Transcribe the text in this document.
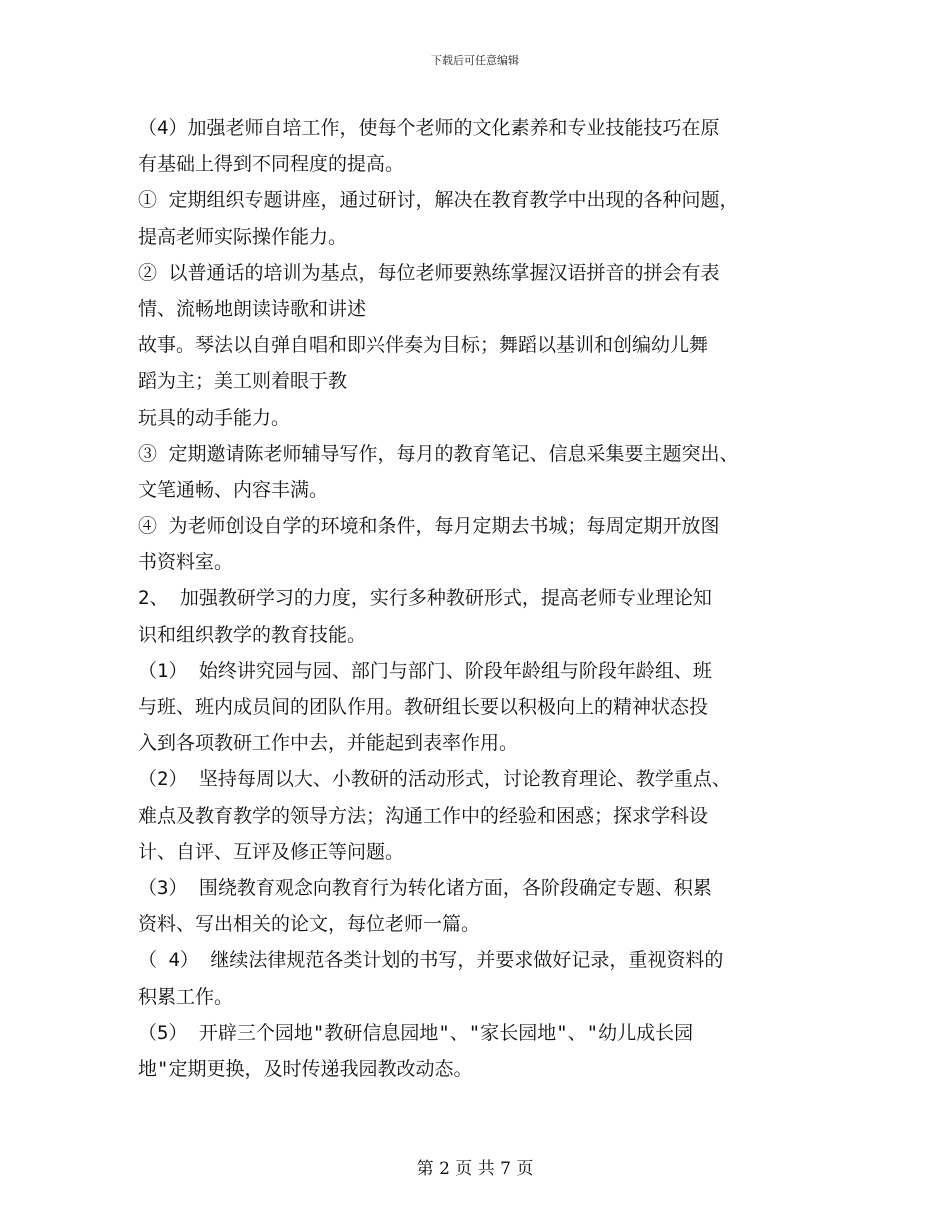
下载后可任意编辑
（4）加强老师自培工作，使每个老师的文化素养和专业技能技巧在原
有基础上得到不同程度的提高。
① 定期组织专题讲座，通过研讨，解决在教育教学中出现的各种问题，
提高老师实际操作能力。
② 以普通话的培训为基点，每位老师要熟练掌握汉语拼音的拼会有表
情、流畅地朗读诗歌和讲述
故事。琴法以自弹自唱和即兴伴奏为目标；舞蹈以基训和创编幼儿舞
蹈为主；美工则着眼于教
玩具的动手能力。
③ 定期邀请陈老师辅导写作，每月的教育笔记、信息采集要主题突出、
文笔通畅、内容丰满。
④ 为老师创设自学的环境和条件，每月定期去书城；每周定期开放图
书资料室。
2、 加强教研学习的力度，实行多种教研形式，提高老师专业理论知
识和组织教学的教育技能。
（1） 始终讲究园与园、部门与部门、阶段年龄组与阶段年龄组、班
与班、班内成员间的团队作用。教研组长要以积极向上的精神状态投
入到各项教研工作中去，并能起到表率作用。
（2） 坚持每周以大、小教研的活动形式，讨论教育理论、教学重点、
难点及教育教学的领导方法；沟通工作中的经验和困惑；探求学科设
计、自评、互评及修正等问题。
（3） 围绕教育观念向教育行为转化诸方面，各阶段确定专题、积累
资料、写出相关的论文，每位老师一篇。
（ 4） 继续法律规范各类计划的书写，并要求做好记录，重视资料的
积累工作。
（5） 开辟三个园地"教研信息园地"、"家长园地"、"幼儿成长园
地"定期更换，及时传递我园教改动态。
第 2 页 共 7 页
